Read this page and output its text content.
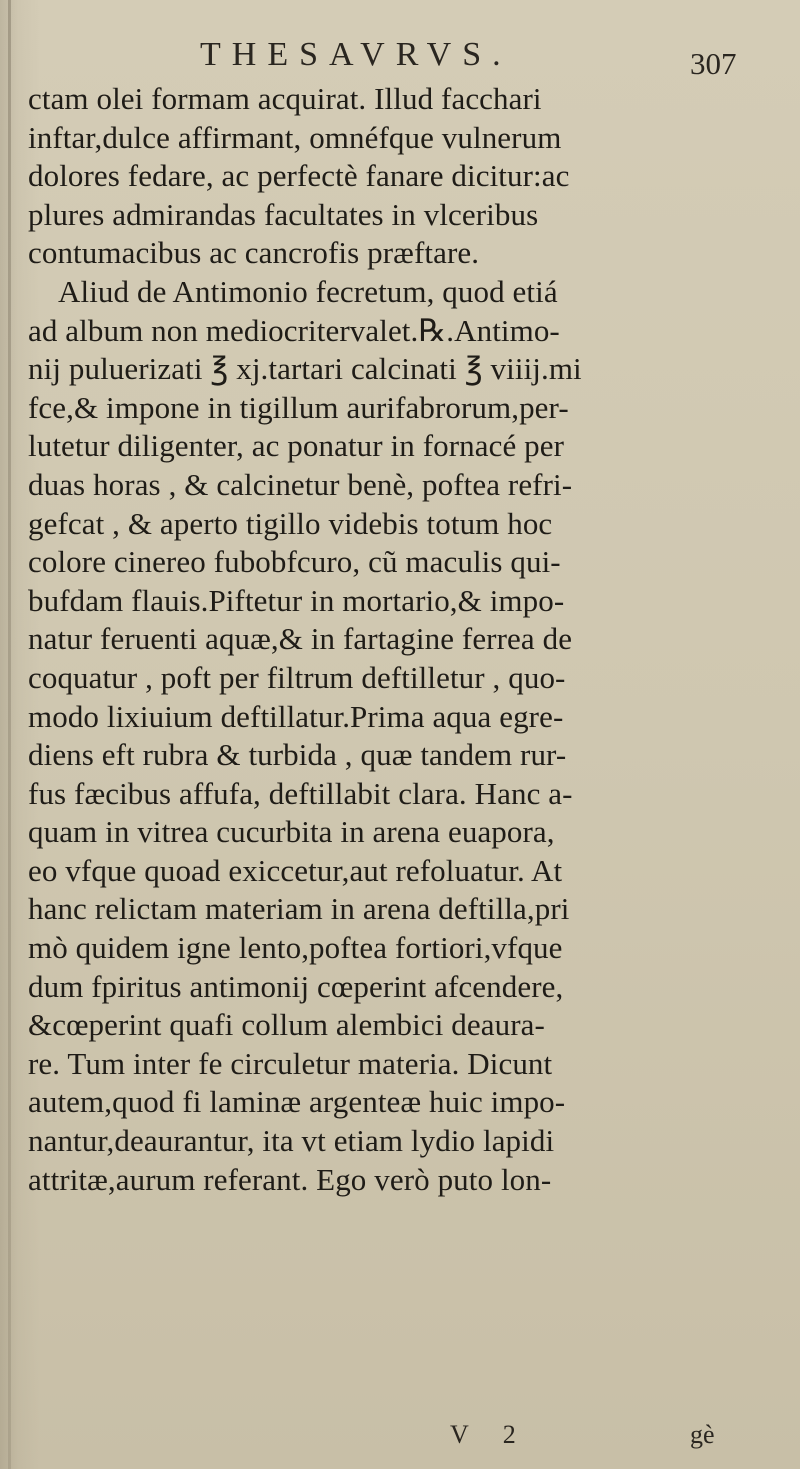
THESAVRVS.	307
ctam olei formam acquirat. Illud facchari
inftar,dulce affirmant, omnéfque vulnerum
dolores fedare, ac perfectè fanare dicitur:ac
plures admirandas facultates in vlceribus
contumacibus ac cancrofis præftare.
Aliud de Antimonio fecretum, quod etiá
ad album non mediocritervalet.℞.Antimo-
nij puluerizati ℥ xj.tartari calcinati ℥ viiij.mi
fce,& impone in tigillum aurifabrorum,per-
lutetur diligenter, ac ponatur in fornacé per
duas horas , & calcinetur benè, poftea refri-
gefcat , & aperto tigillo videbis totum hoc
colore cinereo fubobfcuro, cũ maculis qui-
bufdam flauis.Piftetur in mortario,& impo-
natur feruenti aquæ,& in fartagine ferrea de
coquatur , poft per filtrum deftilletur , quo-
modo lixiuium deftillatur.Prima aqua egre-
diens eft rubra & turbida , quæ tandem rur-
fus fæcibus affufa, deftillabit clara. Hanc a-
quam in vitrea cucurbita in arena euapora,
eo vfque quoad exiccetur,aut refoluatur. At
hanc relictam materiam in arena deftilla,pri
mò quidem igne lento,poftea fortiori,vfque
dum fpiritus antimonij cœperint afcendere,
&cœperint quafi collum alembici deaura-
re. Tum inter fe circuletur materia. Dicunt
autem,quod fi laminæ argenteæ huic impo-
nantur,deaurantur, ita vt etiam lydio lapidi
attritæ,aurum referant. Ego verò puto lon-
V 2	gè
